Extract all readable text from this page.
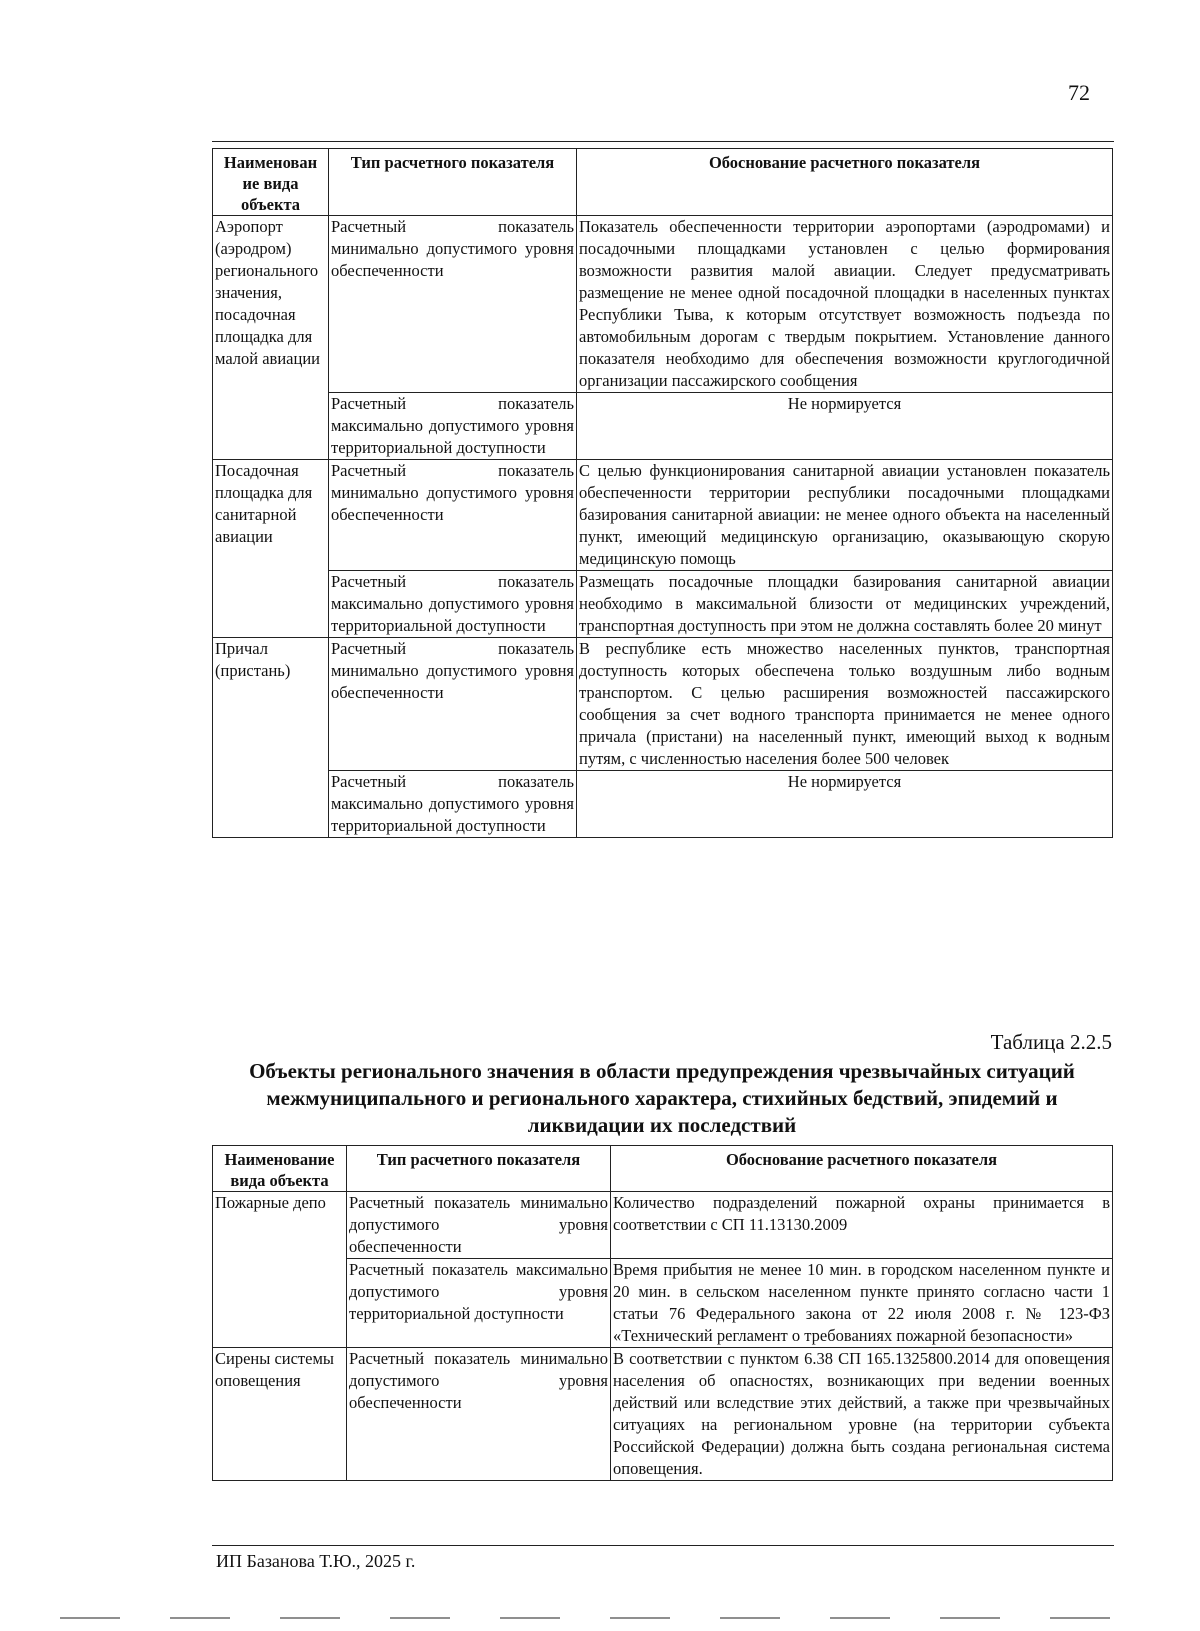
72
Наименован ие вида объекта	Тип расчетного показателя	Обоснование расчетного показателя
Аэропорт (аэродром) регионального значения, посадочная площадка для малой авиации	Расчетный показатель минимально допустимого уровня обеспеченности	Показатель обеспеченности территории аэропортами (аэродромами) и посадочными площадками установлен с целью формирования возможности развития малой авиации. Следует предусматривать размещение не менее одной посадочной площадки в населенных пунктах Республики Тыва, к которым отсутствует возможность подъезда по автомобильным дорогам с твердым покрытием. Установление данного показателя необходимо для обеспечения возможности круглогодичной организации пассажирского сообщения
	Расчетный показатель максимально допустимого уровня территориальной доступности	Не нормируется
Посадочная площадка для санитарной авиации	Расчетный показатель минимально допустимого уровня обеспеченности	С целью функционирования санитарной авиации установлен показатель обеспеченности территории республики посадочными площадками базирования санитарной авиации: не менее одного объекта на населенный пункт, имеющий медицинскую организацию, оказывающую скорую медицинскую помощь
	Расчетный показатель максимально допустимого уровня территориальной доступности	Размещать посадочные площадки базирования санитарной авиации необходимо в максимальной близости от медицинских учреждений, транспортная доступность при этом не должна составлять более 20 минут
Причал (пристань)	Расчетный показатель минимально допустимого уровня обеспеченности	В республике есть множество населенных пунктов, транспортная доступность которых обеспечена только воздушным либо водным транспортом. С целью расширения возможностей пассажирского сообщения за счет водного транспорта принимается не менее одного причала (пристани) на населенный пункт, имеющий выход к водным путям, с численностью населения более 500 человек
	Расчетный показатель максимально допустимого уровня территориальной доступности	Не нормируется
Таблица 2.2.5
Объекты регионального значения в области предупреждения чрезвычайных ситуаций межмуниципального и регионального характера, стихийных бедствий, эпидемий и ликвидации их последствий
Наименование вида объекта	Тип расчетного показателя	Обоснование расчетного показателя
Пожарные депо	Расчетный показатель минимально допустимого уровня обеспеченности	Количество подразделений пожарной охраны принимается в соответствии с СП 11.13130.2009
	Расчетный показатель максимально допустимого уровня территориальной доступности	Время прибытия не менее 10 мин. в городском населенном пункте и 20 мин. в сельском населенном пункте принято согласно части 1 статьи 76 Федерального закона от 22 июля 2008 г. № 123-ФЗ «Технический регламент о требованиях пожарной безопасности»
Сирены системы оповещения	Расчетный показатель минимально допустимого уровня обеспеченности	В соответствии с пунктом 6.38 СП 165.1325800.2014 для оповещения населения об опасностях, возникающих при ведении военных действий или вследствие этих действий, а также при чрезвычайных ситуациях на региональном уровне (на территории субъекта Российской Федерации) должна быть создана региональная система оповещения.
ИП Базанова Т.Ю., 2025 г.
